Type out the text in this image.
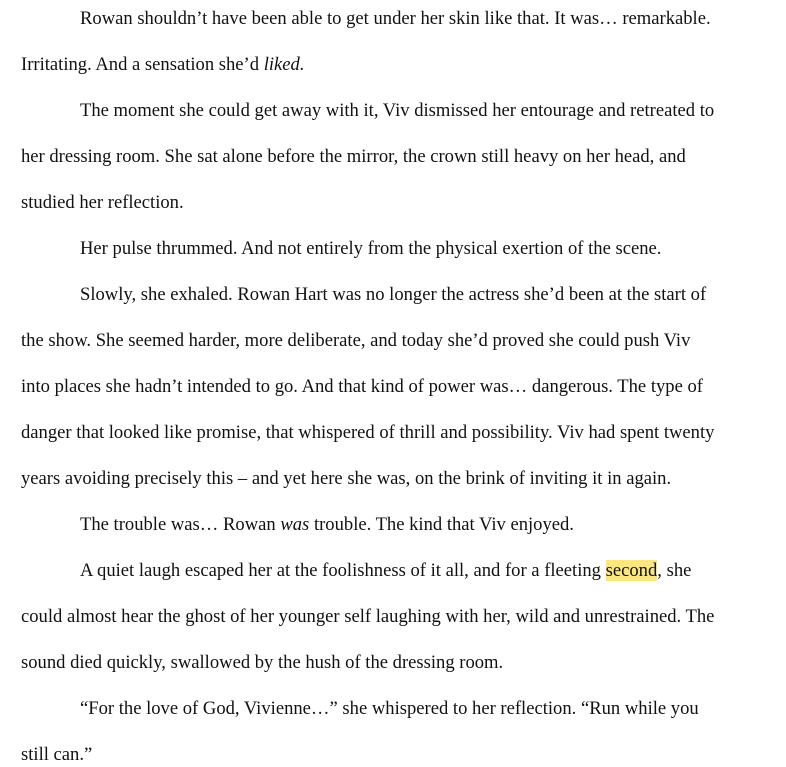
Rowan shouldn’t have been able to get under her skin like that. It was… remarkable.
Irritating. And a sensation she’d liked.
The moment she could get away with it, Viv dismissed her entourage and retreated to
her dressing room. She sat alone before the mirror, the crown still heavy on her head, and
studied her reflection.
Her pulse thrummed. And not entirely from the physical exertion of the scene.
Slowly, she exhaled. Rowan Hart was no longer the actress she’d been at the start of
the show. She seemed harder, more deliberate, and today she’d proved she could push Viv
into places she hadn’t intended to go. And that kind of power was… dangerous. The type of
danger that looked like promise, that whispered of thrill and possibility. Viv had spent twenty
years avoiding precisely this – and yet here she was, on the brink of inviting it in again.
The trouble was… Rowan was trouble. The kind that Viv enjoyed.
A quiet laugh escaped her at the foolishness of it all, and for a fleeting second, she
could almost hear the ghost of her younger self laughing with her, wild and unrestrained. The
sound died quickly, swallowed by the hush of the dressing room.
“For the love of God, Vivienne…” she whispered to her reflection. “Run while you
still can.”
